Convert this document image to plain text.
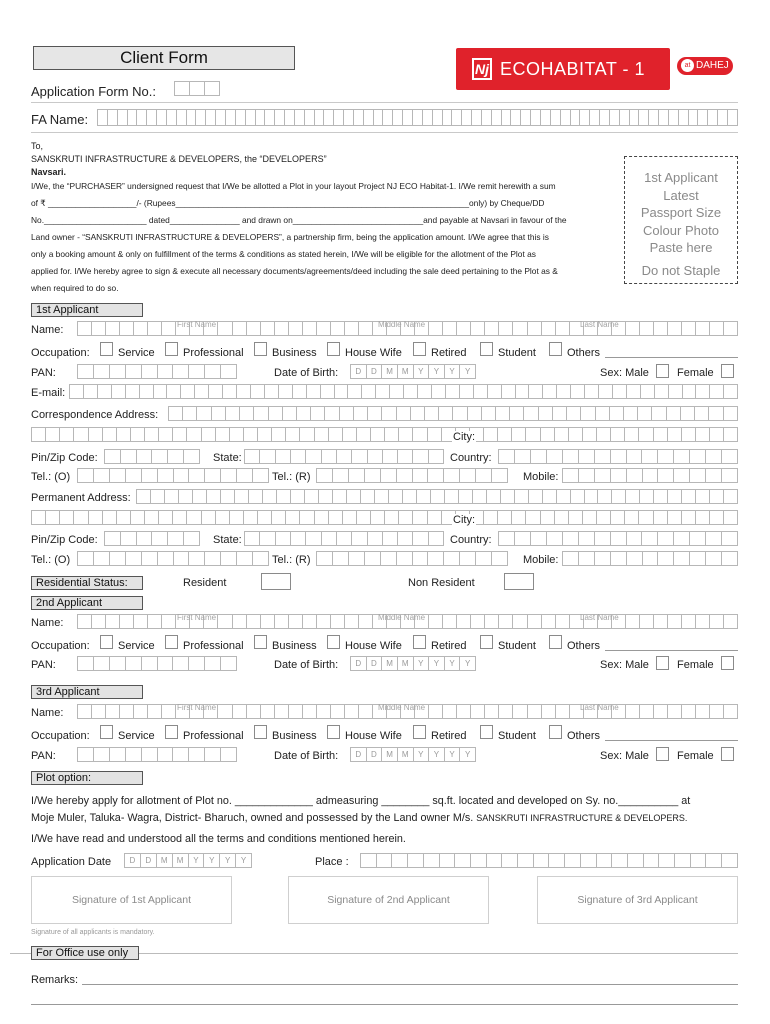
Client Form
Nj ECOHABITAT - 1	at DAHEJ
Application Form No.:
FA Name:
To,
SANSKRUTI INFRASTRUCTURE & DEVELOPERS, the “DEVELOPERS”
Navsari.
I/We, the “PURCHASER” undersigned request that I/We be allotted a Plot in your layout Project NJ ECO Habitat-1. I/We remit herewith a sum
of ₹ ___________________/- (Rupees_______________________________________________________________only) by Cheque/DD
No.______________________ dated_______________ and drawn on____________________________and payable at Navsari in favour of the
Land owner - “SANSKRUTI INFRASTRUCTURE & DEVELOPERS”, a partnership firm, being the application amount. I/We agree that this is
only a booking amount & only on fulfillment of the terms & conditions as stated herein, I/We will be eligible for the allotment of the Plot as
applied for. I/We hereby agree to sign & execute all necessary documents/agreements/deed including the sale deed pertaining to the Plot as &
when required to do so.
1st Applicant
Latest
Passport Size
Colour Photo
Paste here
Do not Staple
1st Applicant
Name:	First Name	Middle Name	Last Name
Occupation:	Service	Professional	Business	House Wife	Retired	Student	Others
PAN:	Date of Birth:	D	D	M	M	Y	Y	Y	Y	Sex: Male	Female
E-mail:
Correspondence Address:
City:
Pin/Zip Code:	State:	Country:
Tel.: (O)	Tel.: (R)	Mobile:
Permanent Address:
City:
Pin/Zip Code:	State:	Country:
Tel.: (O)	Tel.: (R)	Mobile:
Residential Status:	Resident	Non Resident
2nd Applicant
Name:	First Name	Middle Name	Last Name
Occupation:	Service	Professional	Business	House Wife	Retired	Student	Others
PAN:	Date of Birth:	D	D	M	M	Y	Y	Y	Y	Sex: Male	Female
3rd Applicant
Name:	First Name	Middle Name	Last Name
Occupation:	Service	Professional	Business	House Wife	Retired	Student	Others
PAN:	Date of Birth:	D	D	M	M	Y	Y	Y	Y	Sex: Male	Female
Plot option:
I/We hereby apply for allotment of Plot no. _____________ admeasuring ________ sq.ft. located and developed on Sy. no.__________ at
Moje Muler, Taluka- Wagra, District- Bharuch, owned and possessed by the Land owner M/s. SANSKRUTI INFRASTRUCTURE & DEVELOPERS.
I/We have read and understood all the terms and conditions mentioned herein.
Application Date	D	D	M	M	Y	Y	Y	Y	Place :
Signature of 1st Applicant	Signature of 2nd Applicant	Signature of 3rd Applicant
Signature of all applicants is mandatory.
For Office use only
Remarks:
